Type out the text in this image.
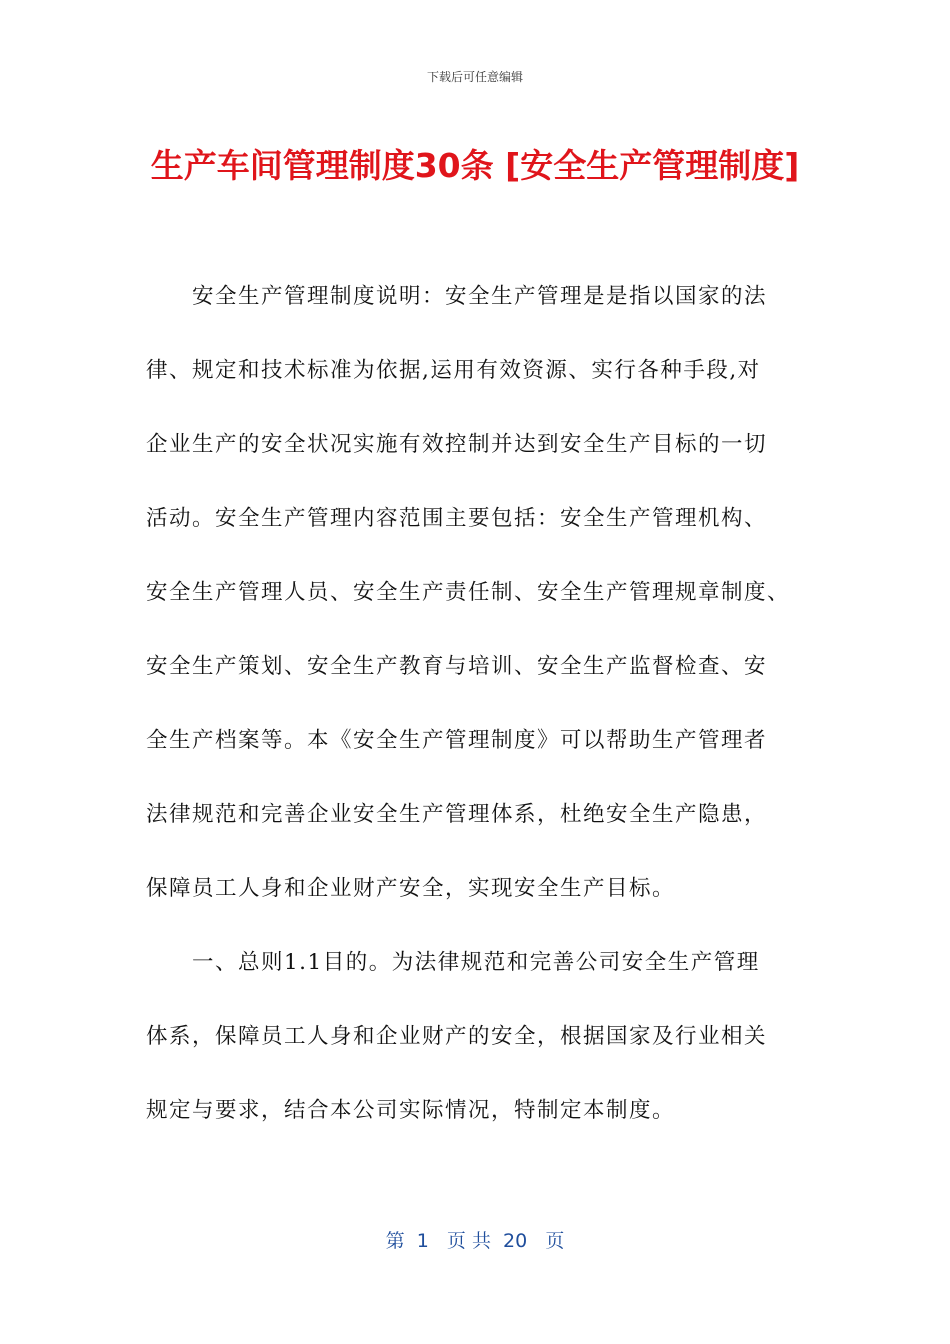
下载后可任意编辑
生产车间管理制度30条 [安全生产管理制度]
安全生产管理制度说明：安全生产管理是是指以国家的法
律、规定和技术标准为依据,运用有效资源、实行各种手段,对
企业生产的安全状况实施有效控制并达到安全生产目标的一切
活动。安全生产管理内容范围主要包括：安全生产管理机构、
安全生产管理人员、安全生产责任制、安全生产管理规章制度、
安全生产策划、安全生产教育与培训、安全生产监督检查、安
全生产档案等。本《安全生产管理制度》可以帮助生产管理者
法律规范和完善企业安全生产管理体系，杜绝安全生产隐患，
保障员工人身和企业财产安全，实现安全生产目标。
一、总则1.1目的。为法律规范和完善公司安全生产管理
体系，保障员工人身和企业财产的安全，根据国家及行业相关
规定与要求，结合本公司实际情况，特制定本制度。
第  1   页 共  20   页
